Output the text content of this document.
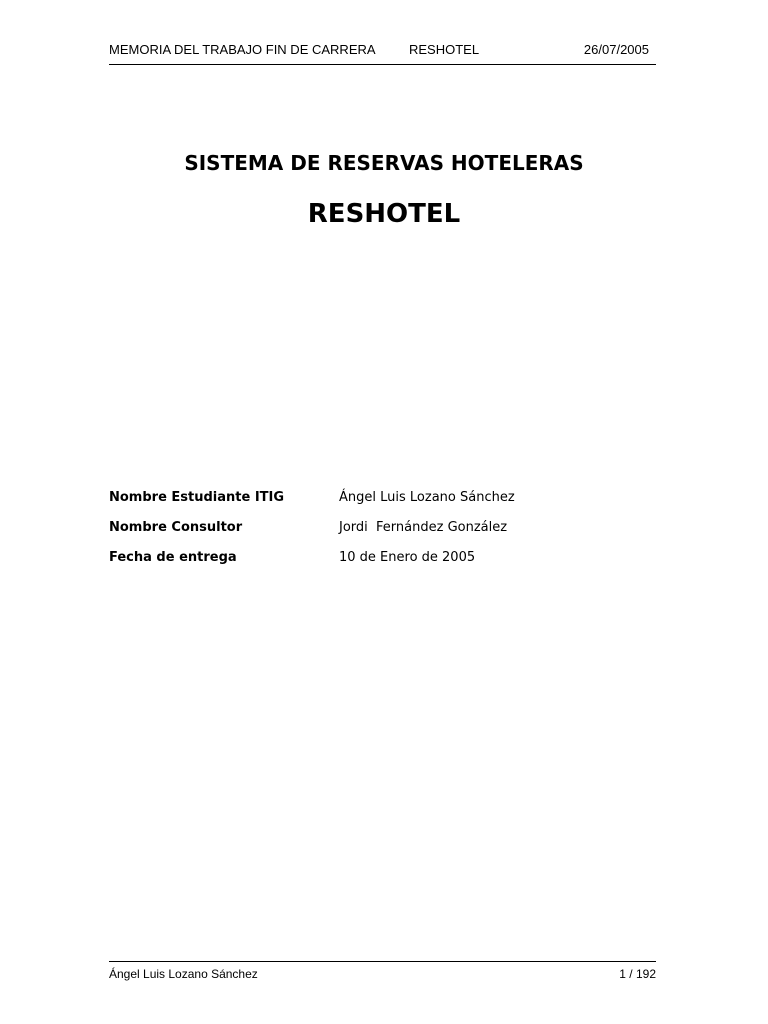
MEMORIA DEL TRABAJO FIN DE CARRERA	RESHOTEL	26/07/2005
SISTEMA DE RESERVAS HOTELERAS
RESHOTEL
Nombre Estudiante ITIG	Ángel Luis Lozano Sánchez
Nombre Consultor	Jordi  Fernández González
Fecha de entrega	10 de Enero de 2005
Ángel Luis Lozano Sánchez	1 / 192
